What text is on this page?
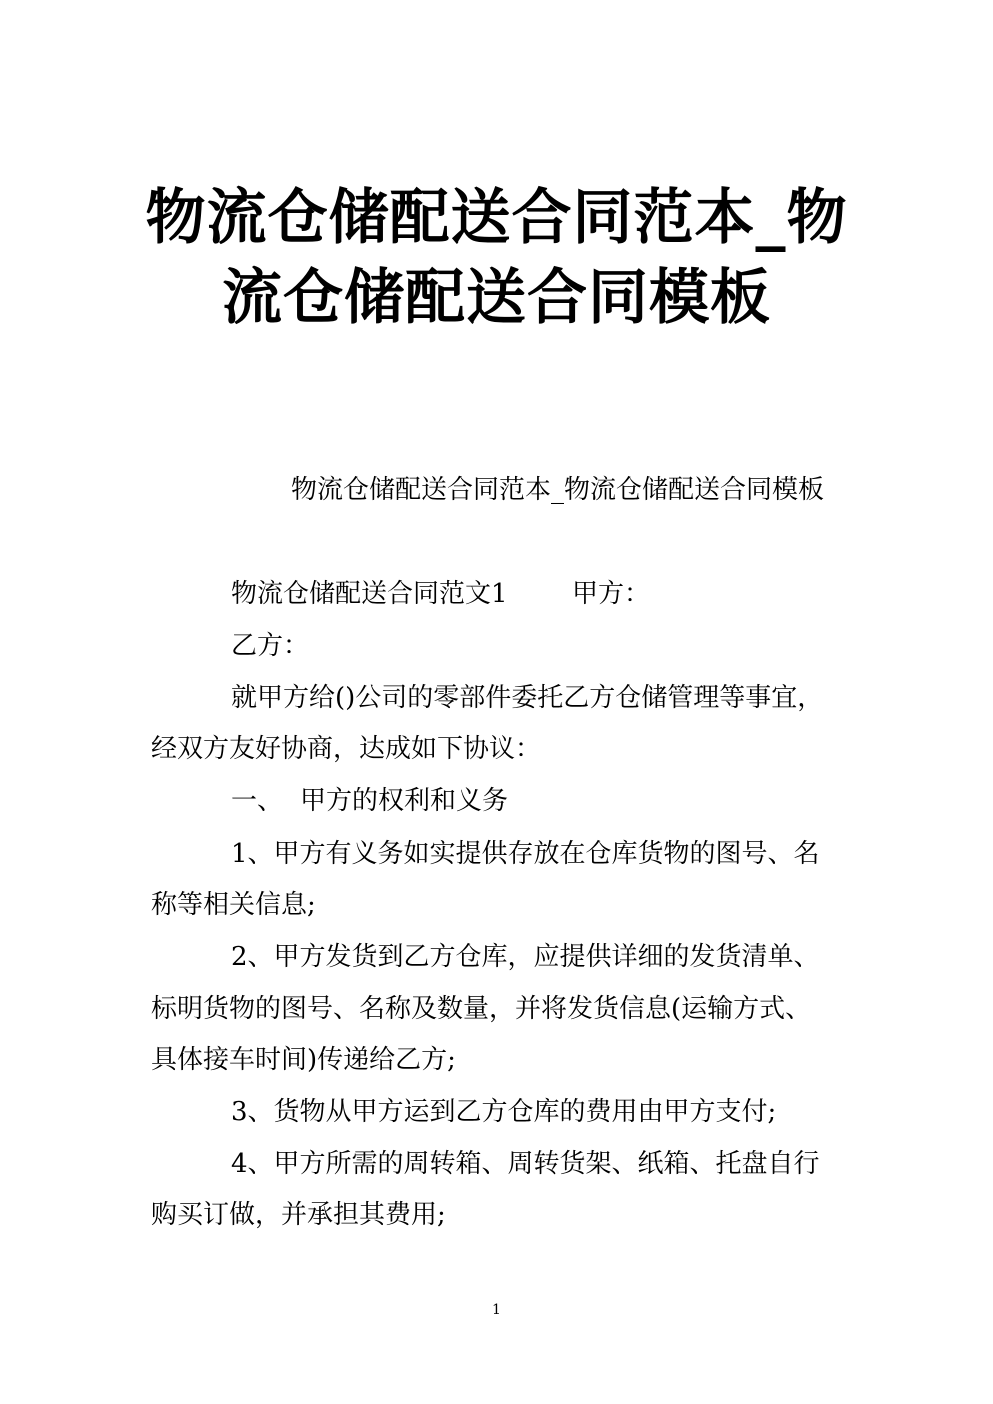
物流仓储配送合同范本_物流仓储配送合同模板

物流仓储配送合同范本_物流仓储配送合同模板

物流仓储配送合同范文1 甲方：

乙方：

就甲方给()公司的零部件委托乙方仓储管理等事宜，

经双方友好协商，达成如下协议：

一、 甲方的权利和义务

1、甲方有义务如实提供存放在仓库货物的图号、名

称等相关信息;

2、甲方发货到乙方仓库，应提供详细的发货清单、

标明货物的图号、名称及数量，并将发货信息(运输方式、

具体接车时间)传递给乙方;

3、货物从甲方运到乙方仓库的费用由甲方支付;

4、甲方所需的周转箱、周转货架、纸箱、托盘自行

购买订做，并承担其费用;

1
